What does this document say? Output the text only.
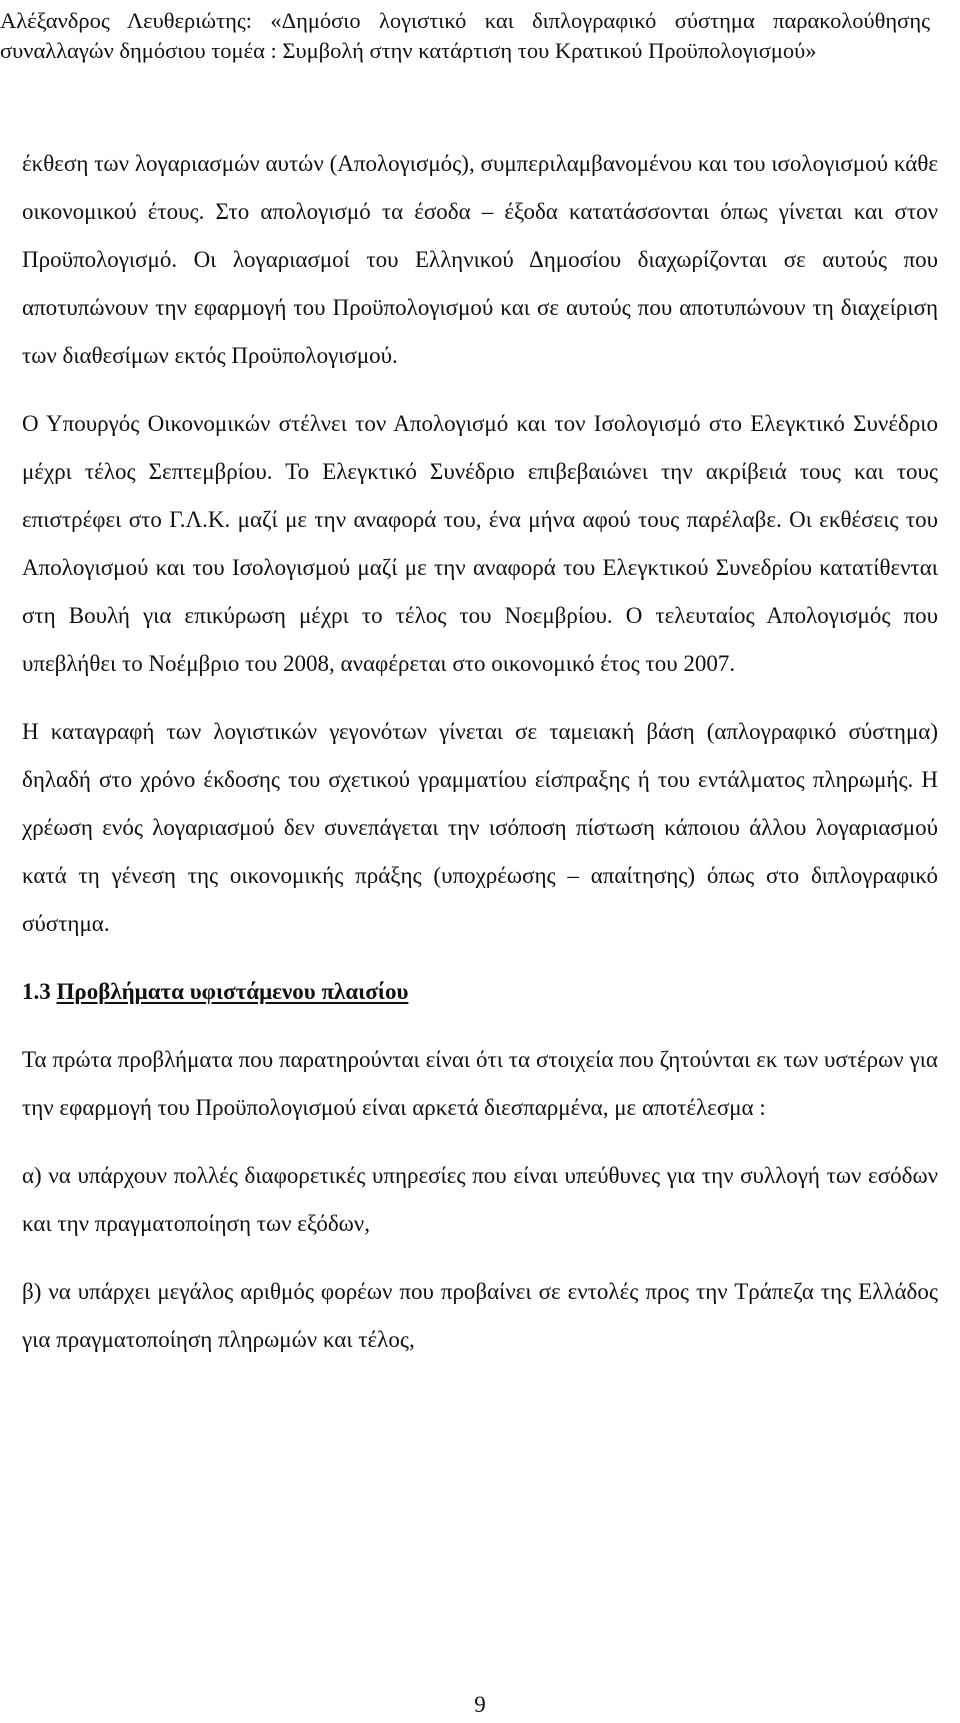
Αλέξανδρος Λευθεριώτης: «Δημόσιο λογιστικό και διπλογραφικό σύστημα παρακολούθησης συναλλαγών δημόσιου τομέα : Συμβολή στην κατάρτιση του Κρατικού Προϋπολογισμού»

έκθεση των λογαριασμών αυτών (Απολογισμός), συμπεριλαμβανομένου και του ισολογισμού κάθε οικονομικού έτους. Στο απολογισμό τα έσοδα – έξοδα κατατάσσονται όπως γίνεται και στον Προϋπολογισμό. Οι λογαριασμοί του Ελληνικού Δημοσίου διαχωρίζονται σε αυτούς που αποτυπώνουν την εφαρμογή του Προϋπολογισμού και σε αυτούς που αποτυπώνουν τη διαχείριση των διαθεσίμων εκτός Προϋπολογισμού.

Ο Υπουργός Οικονομικών στέλνει τον Απολογισμό και τον Ισολογισμό στο Ελεγκτικό Συνέδριο μέχρι τέλος Σεπτεμβρίου. Το Ελεγκτικό Συνέδριο επιβεβαιώνει την ακρίβειά τους και τους επιστρέφει στο Γ.Λ.Κ. μαζί με την αναφορά του, ένα μήνα αφού τους παρέλαβε. Οι εκθέσεις του Απολογισμού και του Ισολογισμού μαζί με την αναφορά του Ελεγκτικού Συνεδρίου κατατίθενται στη Βουλή για επικύρωση μέχρι το τέλος του Νοεμβρίου. Ο τελευταίος Απολογισμός που υπεβλήθει το Νοέμβριο του 2008, αναφέρεται στο οικονομικό έτος του 2007.

Η καταγραφή των λογιστικών γεγονότων γίνεται σε ταμειακή βάση (απλογραφικό σύστημα) δηλαδή στο χρόνο έκδοσης του σχετικού γραμματίου είσπραξης ή του εντάλματος πληρωμής. Η χρέωση ενός λογαριασμού δεν συνεπάγεται την ισόποση πίστωση κάποιου άλλου λογαριασμού κατά τη γένεση της οικονομικής πράξης (υποχρέωσης – απαίτησης) όπως στο διπλογραφικό σύστημα.

1.3 Προβλήματα υφιστάμενου πλαισίου

Τα πρώτα προβλήματα που παρατηρούνται είναι ότι τα στοιχεία που ζητούνται εκ των υστέρων για την εφαρμογή του Προϋπολογισμού είναι αρκετά διεσπαρμένα, με αποτέλεσμα :

α) να υπάρχουν πολλές διαφορετικές υπηρεσίες που είναι υπεύθυνες για την συλλογή των εσόδων και την πραγματοποίηση των εξόδων,

β) να υπάρχει μεγάλος αριθμός φορέων που προβαίνει σε εντολές προς την Τράπεζα της Ελλάδος για πραγματοποίηση πληρωμών και τέλος,

9
